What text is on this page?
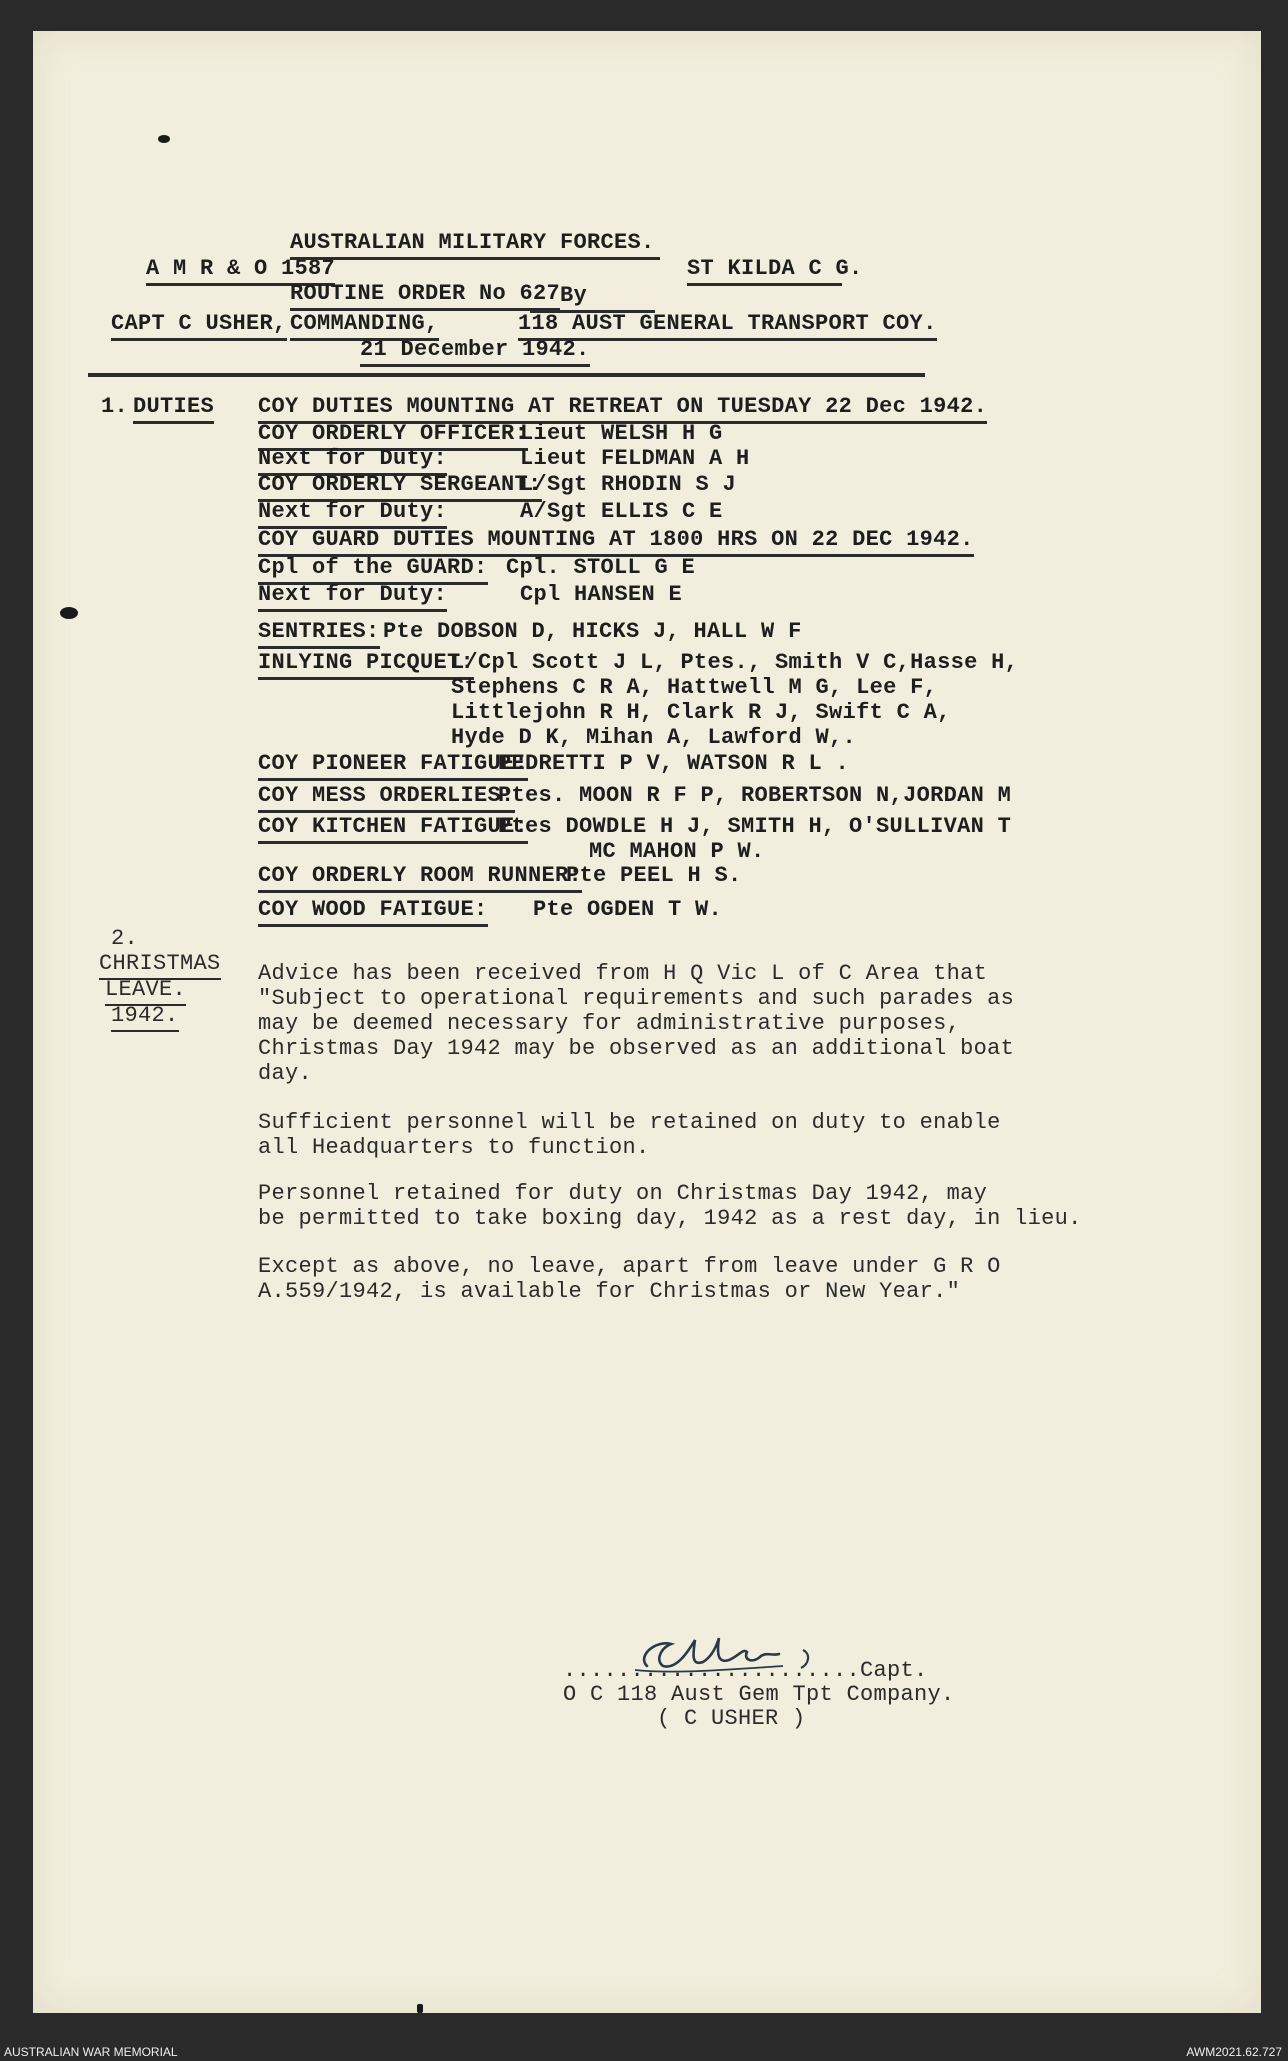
A M R & O 1587
AUSTRALIAN MILITARY FORCES.
ST KILDA C G.
ROUTINE ORDER No 627 By
CAPT C USHER, COMMANDING,	118 AUST GENERAL TRANSPORT COY.
21 December 1942.
1. DUTIES COY DUTIES MOUNTING AT RETREAT ON TUESDAY 22 Dec 1942.
COY ORDERLY OFFICER:
Lieut WELSH H G
Next for Duty:	Lieut FELDMAN A H
COY ORDERLY SERGEANT:
L/Sgt RHODIN S J
Next for Duty:	A/Sgt ELLIS C E
COY GUARD DUTIES MOUNTING AT 1800 HRS ON 22 DEC 1942.
Cpl of the GUARD: Cpl. STOLL G E
Next for Duty:	Cpl HANSEN E
SENTRIES: Pte DOBSON D, HICKS J, HALL W F
INLYING PICQUET:
L/Cpl Scott J L, Ptes., Smith V C,Hasse H,
Stephens C R A, Hattwell M G, Lee F,
Littlejohn R H, Clark R J, Swift C A,
Hyde D K, Mihan A, Lawford W,.
COY PIONEER FATIGUE:
PEDRETTI P V, WATSON R L .
COY MESS ORDERLIES:
Ptes. MOON R F P, ROBERTSON N,JORDAN M
COY KITCHEN FATIGUE:
Ptes DOWDLE H J, SMITH H, O'SULLIVAN T
MC MAHON P W.
COY ORDERLY ROOM RUNNER:
Pte PEEL H S.
COY WOOD FATIGUE: Pte OGDEN T W.
2.
CHRISTMAS
LEAVE.
1942.
Advice has been received from H Q Vic L of C Area that
"Subject to operational requirements and such parades as
may be deemed necessary for administrative purposes,
Christmas Day 1942 may be observed as an additional boat
day.
Sufficient personnel will be retained on duty to enable
all Headquarters to function.
Personnel retained for duty on Christmas Day 1942, may
be permitted to take boxing day, 1942 as a rest day, in lieu.
Except as above, no leave, apart from leave under G R O
A.559/1942, is available for Christmas or New Year."
......................Capt.
O C 118 Aust Gem Tpt Company.
( C USHER )
AUSTRALIAN WAR MEMORIAL	AWM2021.62.727
